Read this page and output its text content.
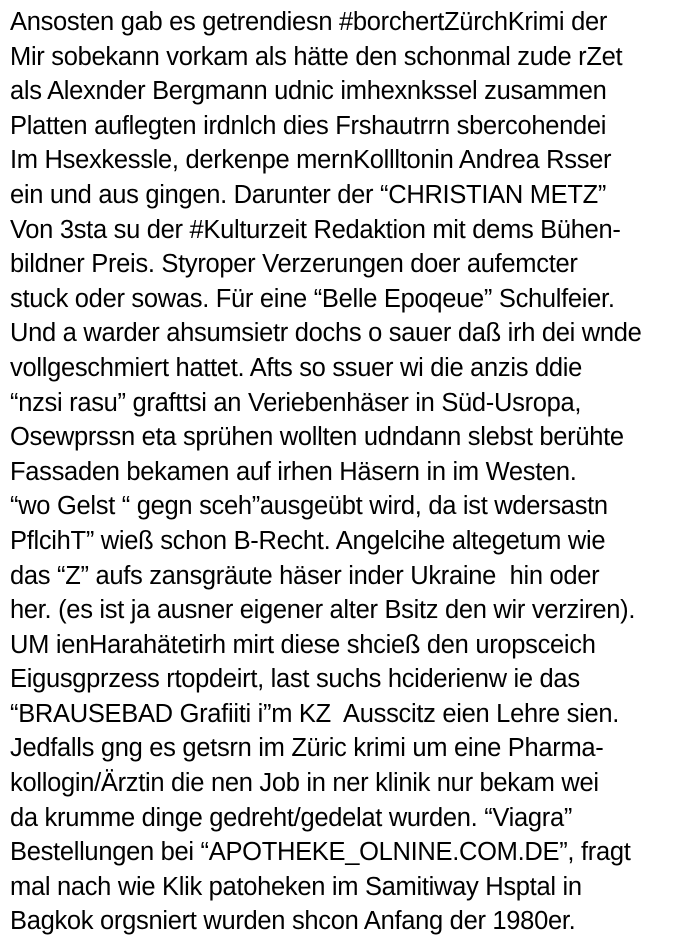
Ansosten gab es getrendiesn #borchertZürchKrimi der
Mir sobekann vorkam als hätte den schonmal zude rZet
als Alexnder Bergmann udnic imhexnkssel zusammen
Platten auflegten irdnlch dies Frshautrrn sbercohendei
Im Hsexkessle, derkenpe mernKollltonin Andrea Rsser
ein und aus gingen. Darunter der “CHRISTIAN METZ”
Von 3sta su der #Kulturzeit Redaktion mit dems Bühen-
bildner Preis. Styroper Verzerungen doer aufemcter
stuck oder sowas. Für eine “Belle Epoqeue” Schulfeier.
Und a warder ahsumsietr dochs o sauer daß irh dei wnde
vollgeschmiert hattet. Afts so ssuer wi die anzis ddie
“nzsi rasu” grafttsi an Veriebenhäser in Süd-Usropa,
Osewprssn eta sprühen wollten udndann slebst berühte
Fassaden bekamen auf irhen Häsern in im Westen.
“wo Gelst “ gegn sceh”ausgeübt wird, da ist wdersastn
PflcihT” wieß schon B-Recht. Angelcihe altegetum wie
das “Z” aufs zansgräute häser inder Ukraine  hin oder
her. (es ist ja ausner eigener alter Bsitz den wir verziren).
UM ienHarahätetirh mirt diese shcieß den uropsceich
Eigusgprzess rtopdeirt, last suchs hciderienw ie das
“BRAUSEBAD Grafiiti i”m KZ  Ausscitz eien Lehre sien.
Jedfalls gng es getsrn im Züric krimi um eine Pharma-
kollogin/Ärztin die nen Job in ner klinik nur bekam wei
da krumme dinge gedreht/gedelat wurden. “Viagra”
Bestellungen bei “APOTHEKE_OLNINE.COM.DE”, fragt
mal nach wie Klik patoheken im Samitiway Hsptal in
Bagkok orgsniert wurden shcon Anfang der 1980er.
